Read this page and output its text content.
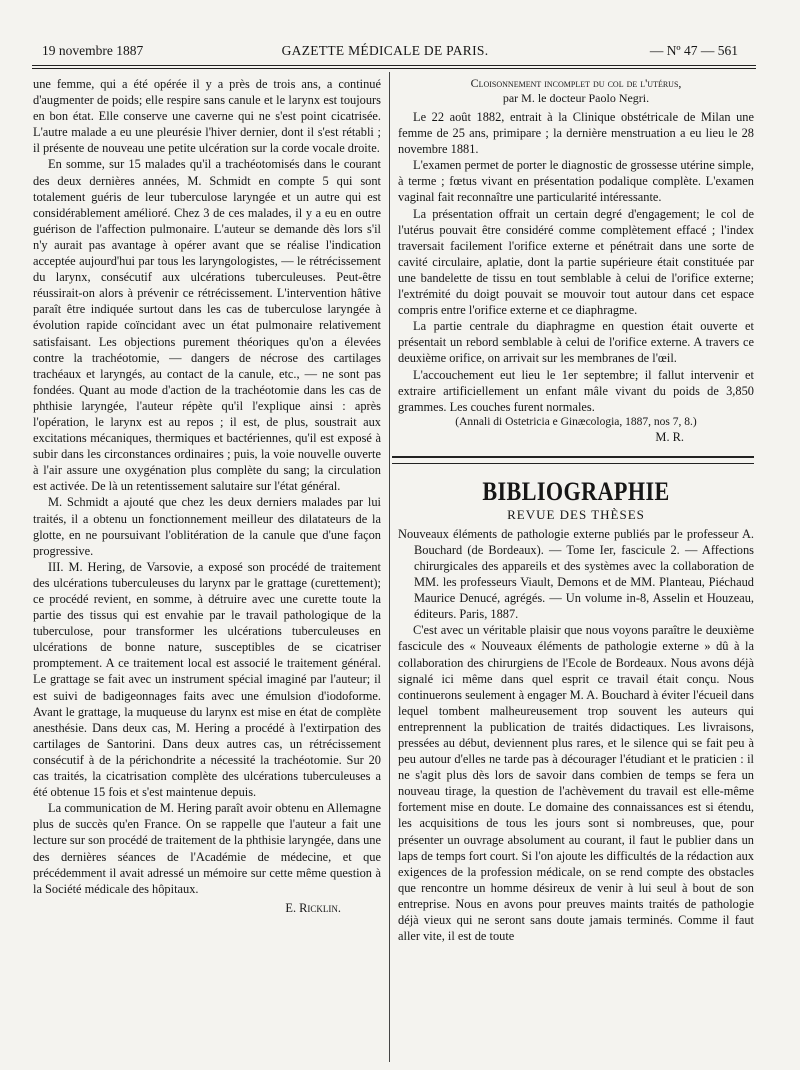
19 novembre 1887	GAZETTE MÉDICALE DE PARIS.	— Nº 47 — 561

une femme, qui a été opérée il y a près de trois ans, a continué d'augmenter de poids; elle respire sans canule et le larynx est toujours en bon état. Elle conserve une caverne qui ne s'est point cicatrisée. L'autre malade a eu une pleurésie l'hiver dernier, dont il s'est rétabli ; il présente de nouveau une petite ulcération sur la corde vocale droite.

En somme, sur 15 malades qu'il a trachéotomisés dans le courant des deux dernières années, M. Schmidt en compte 5 qui sont totalement guéris de leur tuberculose laryngée et un autre qui est considérablement amélioré. Chez 3 de ces malades, il y a eu en outre guérison de l'affection pulmonaire. L'auteur se demande dès lors s'il n'y aurait pas avantage à opérer avant que se réalise l'indication acceptée aujourd'hui par tous les laryngologistes, — le rétrécissement du larynx, consécutif aux ulcérations tuberculeuses. Peut-être réussirait-on alors à prévenir ce rétrécissement. L'intervention hâtive paraît être indiquée surtout dans les cas de tuberculose laryngée à évolution rapide coïncidant avec un état pulmonaire relativement satisfaisant. Les objections purement théoriques qu'on a élevées contre la trachéotomie, — dangers de nécrose des cartilages trachéaux et laryngés, au contact de la canule, etc., — ne sont pas fondées. Quant au mode d'action de la trachéotomie dans les cas de phthisie laryngée, l'auteur répète qu'il l'explique ainsi : après l'opération, le larynx est au repos ; il est, de plus, soustrait aux excitations mécaniques, thermiques et bactériennes, qu'il est exposé à subir dans les circonstances ordinaires ; puis, la voie nouvelle ouverte à l'air assure une oxygénation plus complète du sang; la circulation est activée. De là un retentissement salutaire sur l'état général.

M. Schmidt a ajouté que chez les deux derniers malades par lui traités, il a obtenu un fonctionnement meilleur des dilatateurs de la glotte, en ne poursuivant l'oblitération de la canule que d'une façon progressive.

III. M. Hering, de Varsovie, a exposé son procédé de traitement des ulcérations tuberculeuses du larynx par le grattage (curettement); ce procédé revient, en somme, à détruire avec une curette toute la partie des tissus qui est envahie par le travail pathologique de la tuberculose, pour transformer les ulcérations tuberculeuses en ulcérations de bonne nature, susceptibles de se cicatriser promptement. A ce traitement local est associé le traitement général. Le grattage se fait avec un instrument spécial imaginé par l'auteur; il est suivi de badigeonnages faits avec une émulsion d'iodoforme. Avant le grattage, la muqueuse du larynx est mise en état de complète anesthésie. Dans deux cas, M. Hering a procédé à l'extirpation des cartilages de Santorini. Dans deux autres cas, un rétrécissement consécutif à de la périchondrite a nécessité la trachéotomie. Sur 20 cas traités, la cicatrisation complète des ulcérations tuberculeuses a été obtenue 15 fois et s'est maintenue depuis.

La communication de M. Hering paraît avoir obtenu en Allemagne plus de succès qu'en France. On se rappelle que l'auteur a fait une lecture sur son procédé de traitement de la phthisie laryngée, dans une des dernières séances de l'Académie de médecine, et que précédemment il avait adressé un mémoire sur cette même question à la Société médicale des hôpitaux.

E. Ricklin.

Cloisonnement incomplet du col de l'utérus,
par M. le docteur Paolo Negri.

Le 22 août 1882, entrait à la Clinique obstétricale de Milan une femme de 25 ans, primipare ; la dernière menstruation a eu lieu le 28 novembre 1881.

L'examen permet de porter le diagnostic de grossesse utérine simple, à terme ; fœtus vivant en présentation podalique complète. L'examen vaginal fait reconnaître une particularité intéressante.

La présentation offrait un certain degré d'engagement; le col de l'utérus pouvait être considéré comme complètement effacé ; l'index traversait facilement l'orifice externe et pénétrait dans une sorte de cavité circulaire, aplatie, dont la partie supérieure était constituée par une bandelette de tissu en tout semblable à celui de l'orifice externe; l'extrémité du doigt pouvait se mouvoir tout autour dans cet espace compris entre l'orifice externe et ce diaphragme.

La partie centrale du diaphragme en question était ouverte et présentait un rebord semblable à celui de l'orifice externe. A travers ce deuxième orifice, on arrivait sur les membranes de l'œil.

L'accouchement eut lieu le 1er septembre; il fallut intervenir et extraire artificiellement un enfant mâle vivant du poids de 3,850 grammes. Les couches furent normales.

(Annali di Ostetricia e Ginæcologia, 1887, nos 7, 8.)
M. R.
BIBLIOGRAPHIE
REVUE DES THÈSES

Nouveaux éléments de pathologie externe publiés par le professeur A. Bouchard (de Bordeaux). — Tome Ier, fascicule 2. — Affections chirurgicales des appareils et des systèmes avec la collaboration de MM. les professeurs Viault, Demons et de MM. Planteau, Piéchaud Maurice Denucé, agrégés. — Un volume in-8, Asselin et Houzeau, éditeurs. Paris, 1887.

C'est avec un véritable plaisir que nous voyons paraître le deuxième fascicule des « Nouveaux éléments de pathologie externe » dû à la collaboration des chirurgiens de l'Ecole de Bordeaux. Nous avons déjà signalé ici même dans quel esprit ce travail était conçu. Nous continuerons seulement à engager M. A. Bouchard à éviter l'écueil dans lequel tombent malheureusement trop souvent les auteurs qui entreprennent la publication de traités didactiques. Les livraisons, pressées au début, deviennent plus rares, et le silence qui se fait peu à peu autour d'elles ne tarde pas à décourager l'étudiant et le praticien : il ne s'agit plus dès lors de savoir dans combien de temps se fera un nouveau tirage, la question de l'achèvement du travail est elle-même fortement mise en doute. Le domaine des connaissances est si étendu, les acquisitions de tous les jours sont si nombreuses, que, pour présenter un ouvrage absolument au courant, il faut le publier dans un laps de temps fort court. Si l'on ajoute les difficultés de la rédaction aux exigences de la profession médicale, on se rend compte des obstacles que rencontre un homme désireux de venir à lui seul à bout de son entreprise. Nous en avons pour preuves maints traités de pathologie déjà vieux qui ne seront sans doute jamais terminés. Comme il faut aller vite, il est de toute
